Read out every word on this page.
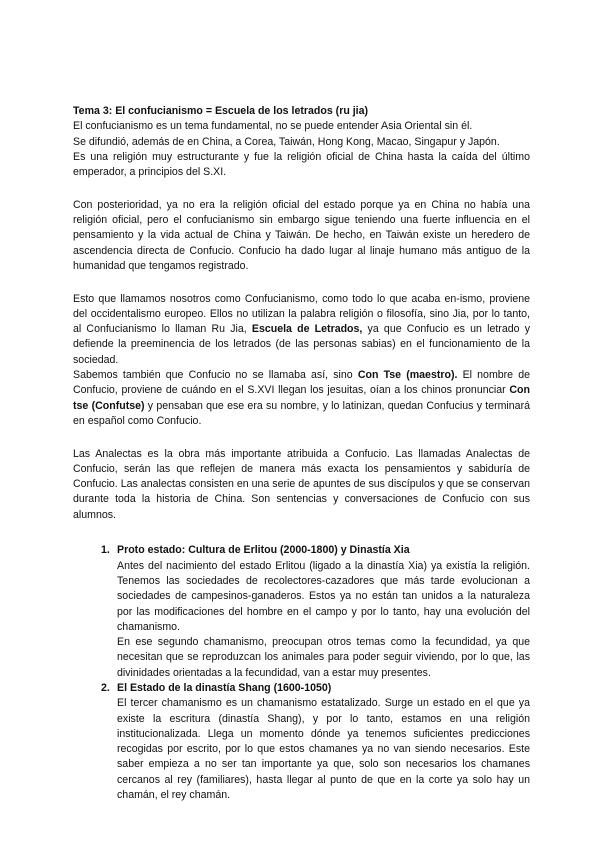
Tema 3: El confucianismo = Escuela de los letrados (ru jia)

El confucianismo es un tema fundamental, no se puede entender Asia Oriental sin él.
Se difundió, además de en China, a Corea, Taiwán, Hong Kong, Macao, Singapur y Japón.
Es una religión muy estructurante y fue la religión oficial de China hasta la caída del último emperador, a principios del S.XI.

Con posterioridad, ya no era la religión oficial del estado porque ya en China no había una religión oficial, pero el confucianismo sin embargo sigue teniendo una fuerte influencia en el pensamiento y la vida actual de China y Taiwán. De hecho, en Taiwán existe un heredero de ascendencia directa de Confucio. Confucio ha dado lugar al linaje humano más antiguo de la humanidad que tengamos registrado.

Esto que llamamos nosotros como Confucianismo, como todo lo que acaba en-ismo, proviene del occidentalismo europeo. Ellos no utilizan la palabra religión o filosofía, sino Jia, por lo tanto, al Confucianismo lo llaman Ru Jia, Escuela de Letrados, ya que Confucio es un letrado y defiende la preeminencia de los letrados (de las personas sabias) en el funcionamiento de la sociedad.

Sabemos también que Confucio no se llamaba así, sino Con Tse (maestro). El nombre de Confucio, proviene de cuándo en el S.XVI llegan los jesuitas, oían a los chinos pronunciar Con tse (Confutse) y pensaban que ese era su nombre, y lo latinizan, quedan Confucius y terminará en español como Confucio.

Las Analectas es la obra más importante atribuida a Confucio. Las llamadas Analectas de Confucio, serán las que reflejen de manera más exacta los pensamientos y sabiduría de Confucio. Las analectas consisten en una serie de apuntes de sus discípulos y que se conservan durante toda la historia de China. Son sentencias y conversaciones de Confucio con sus alumnos.

1. Proto estado: Cultura de Erlitou (2000-1800) y Dinastía Xia
Antes del nacimiento del estado Erlitou (ligado a la dinastía Xia) ya existía la religión. Tenemos las sociedades de recolectores-cazadores que más tarde evolucionan a sociedades de campesinos-ganaderos. Estos ya no están tan unidos a la naturaleza por las modificaciones del hombre en el campo y por lo tanto, hay una evolución del chamanismo.
En ese segundo chamanismo, preocupan otros temas como la fecundidad, ya que necesitan que se reproduzcan los animales para poder seguir viviendo, por lo que, las divinidades orientadas a la fecundidad, van a estar muy presentes.
2. El Estado de la dinastía Shang (1600-1050)
El tercer chamanismo es un chamanismo estatalizado. Surge un estado en el que ya existe la escritura (dinastía Shang), y por lo tanto, estamos en una religión institucionalizada. Llega un momento dónde ya tenemos suficientes predicciones recogidas por escrito, por lo que estos chamanes ya no van siendo necesarios. Este saber empieza a no ser tan importante ya que, solo son necesarios los chamanes cercanos al rey (familiares), hasta llegar al punto de que en la corte ya solo hay un chamán, el rey chamán.
